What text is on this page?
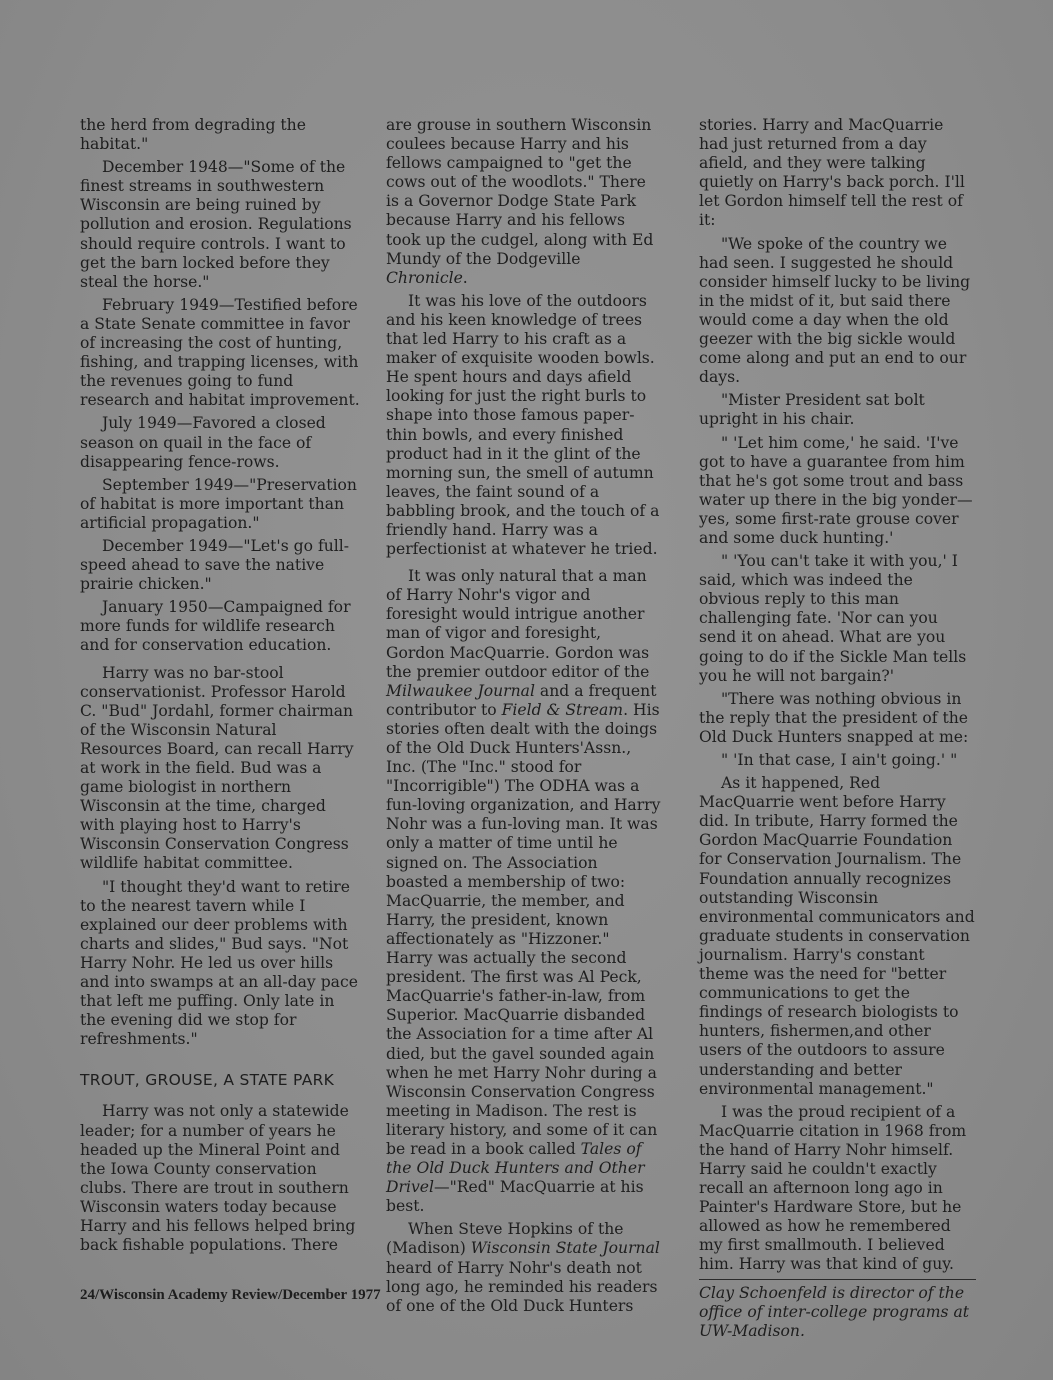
the herd from degrading the habitat."

December 1948—"Some of the finest streams in southwestern Wisconsin are being ruined by pollution and erosion. Regulations should require controls. I want to get the barn locked before they steal the horse."

February 1949—Testified before a State Senate committee in favor of increasing the cost of hunting, fishing, and trapping licenses, with the revenues going to fund research and habitat improvement.

July 1949—Favored a closed season on quail in the face of disappearing fence-rows.

September 1949—"Preservation of habitat is more important than artificial propagation."

December 1949—"Let's go full-speed ahead to save the native prairie chicken."

January 1950—Campaigned for more funds for wildlife research and for conservation education.

Harry was no bar-stool conservationist. Professor Harold C. "Bud" Jordahl, former chairman of the Wisconsin Natural Resources Board, can recall Harry at work in the field. Bud was a game biologist in northern Wisconsin at the time, charged with playing host to Harry's Wisconsin Conservation Congress wildlife habitat committee.

"I thought they'd want to retire to the nearest tavern while I explained our deer problems with charts and slides," Bud says. "Not Harry Nohr. He led us over hills and into swamps at an all-day pace that left me puffing. Only late in the evening did we stop for refreshments."

TROUT, GROUSE, A STATE PARK

Harry was not only a statewide leader; for a number of years he headed up the Mineral Point and the Iowa County conservation clubs. There are trout in southern Wisconsin waters today because Harry and his fellows helped bring back fishable populations. There

are grouse in southern Wisconsin coulees because Harry and his fellows campaigned to "get the cows out of the woodlots." There is a Governor Dodge State Park because Harry and his fellows took up the cudgel, along with Ed Mundy of the Dodgeville Chronicle.

It was his love of the outdoors and his keen knowledge of trees that led Harry to his craft as a maker of exquisite wooden bowls. He spent hours and days afield looking for just the right burls to shape into those famous paper-thin bowls, and every finished product had in it the glint of the morning sun, the smell of autumn leaves, the faint sound of a babbling brook, and the touch of a friendly hand. Harry was a perfectionist at whatever he tried.

It was only natural that a man of Harry Nohr's vigor and foresight would intrigue another man of vigor and foresight, Gordon MacQuarrie. Gordon was the premier outdoor editor of the Milwaukee Journal and a frequent contributor to Field & Stream. His stories often dealt with the doings of the Old Duck Hunters'Assn., Inc. (The "Inc." stood for "Incorrigible") The ODHA was a fun-loving organization, and Harry Nohr was a fun-loving man. It was only a matter of time until he signed on. The Association boasted a membership of two: MacQuarrie, the member, and Harry, the president, known affectionately as "Hizzoner." Harry was actually the second president. The first was Al Peck, MacQuarrie's father-in-law, from Superior. MacQuarrie disbanded the Association for a time after Al died, but the gavel sounded again when he met Harry Nohr during a Wisconsin Conservation Congress meeting in Madison. The rest is literary history, and some of it can be read in a book called Tales of the Old Duck Hunters and Other Drivel—"Red" MacQuarrie at his best.

When Steve Hopkins of the (Madison) Wisconsin State Journal heard of Harry Nohr's death not long ago, he reminded his readers of one of the Old Duck Hunters

stories. Harry and MacQuarrie had just returned from a day afield, and they were talking quietly on Harry's back porch. I'll let Gordon himself tell the rest of it:

"We spoke of the country we had seen. I suggested he should consider himself lucky to be living in the midst of it, but said there would come a day when the old geezer with the big sickle would come along and put an end to our days.

"Mister President sat bolt upright in his chair.

" 'Let him come,' he said. 'I've got to have a guarantee from him that he's got some trout and bass water up there in the big yonder—yes, some first-rate grouse cover and some duck hunting.'

" 'You can't take it with you,' I said, which was indeed the obvious reply to this man challenging fate. 'Nor can you send it on ahead. What are you going to do if the Sickle Man tells you he will not bargain?'

"There was nothing obvious in the reply that the president of the Old Duck Hunters snapped at me:

" 'In that case, I ain't going.' "

As it happened, Red MacQuarrie went before Harry did. In tribute, Harry formed the Gordon MacQuarrie Foundation for Conservation Journalism. The Foundation annually recognizes outstanding Wisconsin environmental communicators and graduate students in conservation journalism. Harry's constant theme was the need for "better communications to get the findings of research biologists to hunters, fishermen,and other users of the outdoors to assure understanding and better environmental management."

I was the proud recipient of a MacQuarrie citation in 1968 from the hand of Harry Nohr himself. Harry said he couldn't exactly recall an afternoon long ago in Painter's Hardware Store, but he allowed as how he remembered my first smallmouth. I believed him. Harry was that kind of guy.

Clay Schoenfeld is director of the office of inter-college programs at UW-Madison.

24/Wisconsin Academy Review/December 1977
